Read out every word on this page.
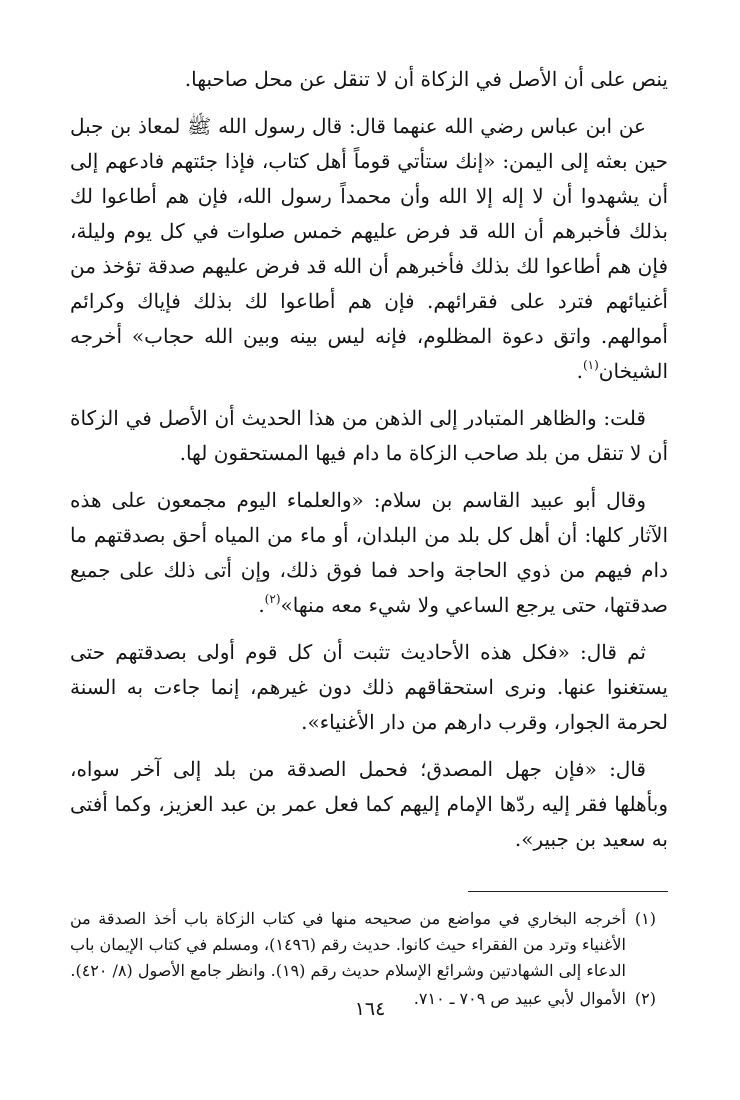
ينص على أن الأصل في الزكاة أن لا تنقل عن محل صاحبها.

عن ابن عباس رضي الله عنهما قال: قال رسول الله ﷺ لمعاذ بن جبل حين بعثه إلى اليمن: «إنك ستأتي قوماً أهل كتاب، فإذا جئتهم فادعهم إلى أن يشهدوا أن لا إله إلا الله وأن محمداً رسول الله، فإن هم أطاعوا لك بذلك فأخبرهم أن الله قد فرض عليهم خمس صلوات في كل يوم وليلة، فإن هم أطاعوا لك بذلك فأخبرهم أن الله قد فرض عليهم صدقة تؤخذ من أغنيائهم فترد على فقرائهم. فإن هم أطاعوا لك بذلك فإياك وكرائم أموالهم. واتق دعوة المظلوم، فإنه ليس بينه وبين الله حجاب» أخرجه الشيخان$^{(١)}$.

قلت: والظاهر المتبادر إلى الذهن من هذا الحديث أن الأصل في الزكاة أن لا تنقل من بلد صاحب الزكاة ما دام فيها المستحقون لها.

وقال أبو عبيد القاسم بن سلام: «والعلماء اليوم مجمعون على هذه الآثار كلها: أن أهل كل بلد من البلدان، أو ماء من المياه أحق بصدقتهم ما دام فيهم من ذوي الحاجة واحد فما فوق ذلك، وإن أتى ذلك على جميع صدقتها، حتى يرجع الساعي ولا شيء معه منها»$^{(٢)}$.

ثم قال: «فكل هذه الأحاديث تثبت أن كل قوم أولى بصدقتهم حتى يستغنوا عنها. ونرى استحقاقهم ذلك دون غيرهم، إنما جاءت به السنة لحرمة الجوار، وقرب دارهم من دار الأغنياء».

قال: «فإن جهل المصدق؛ فحمل الصدقة من بلد إلى آخر سواه، وبأهلها فقر إليه ردّها الإمام إليهم كما فعل عمر بن عبد العزيز، وكما أفتى به سعيد بن جبير».

(١)
أخرجه البخاري في مواضع من صحيحه منها في كتاب الزكاة باب أخذ الصدقة من الأغنياء وترد من الفقراء حيث كانوا. حديث رقم (١٤٩٦)، ومسلم في كتاب الإيمان باب الدعاء إلى الشهادتين وشرائع الإسلام حديث رقم (١٩). وانظر جامع الأصول (٨/ ٤٢٠).
(٢)
الأموال لأبي عبيد ص ٧٠٩ ـ ٧١٠.
١٦٤
